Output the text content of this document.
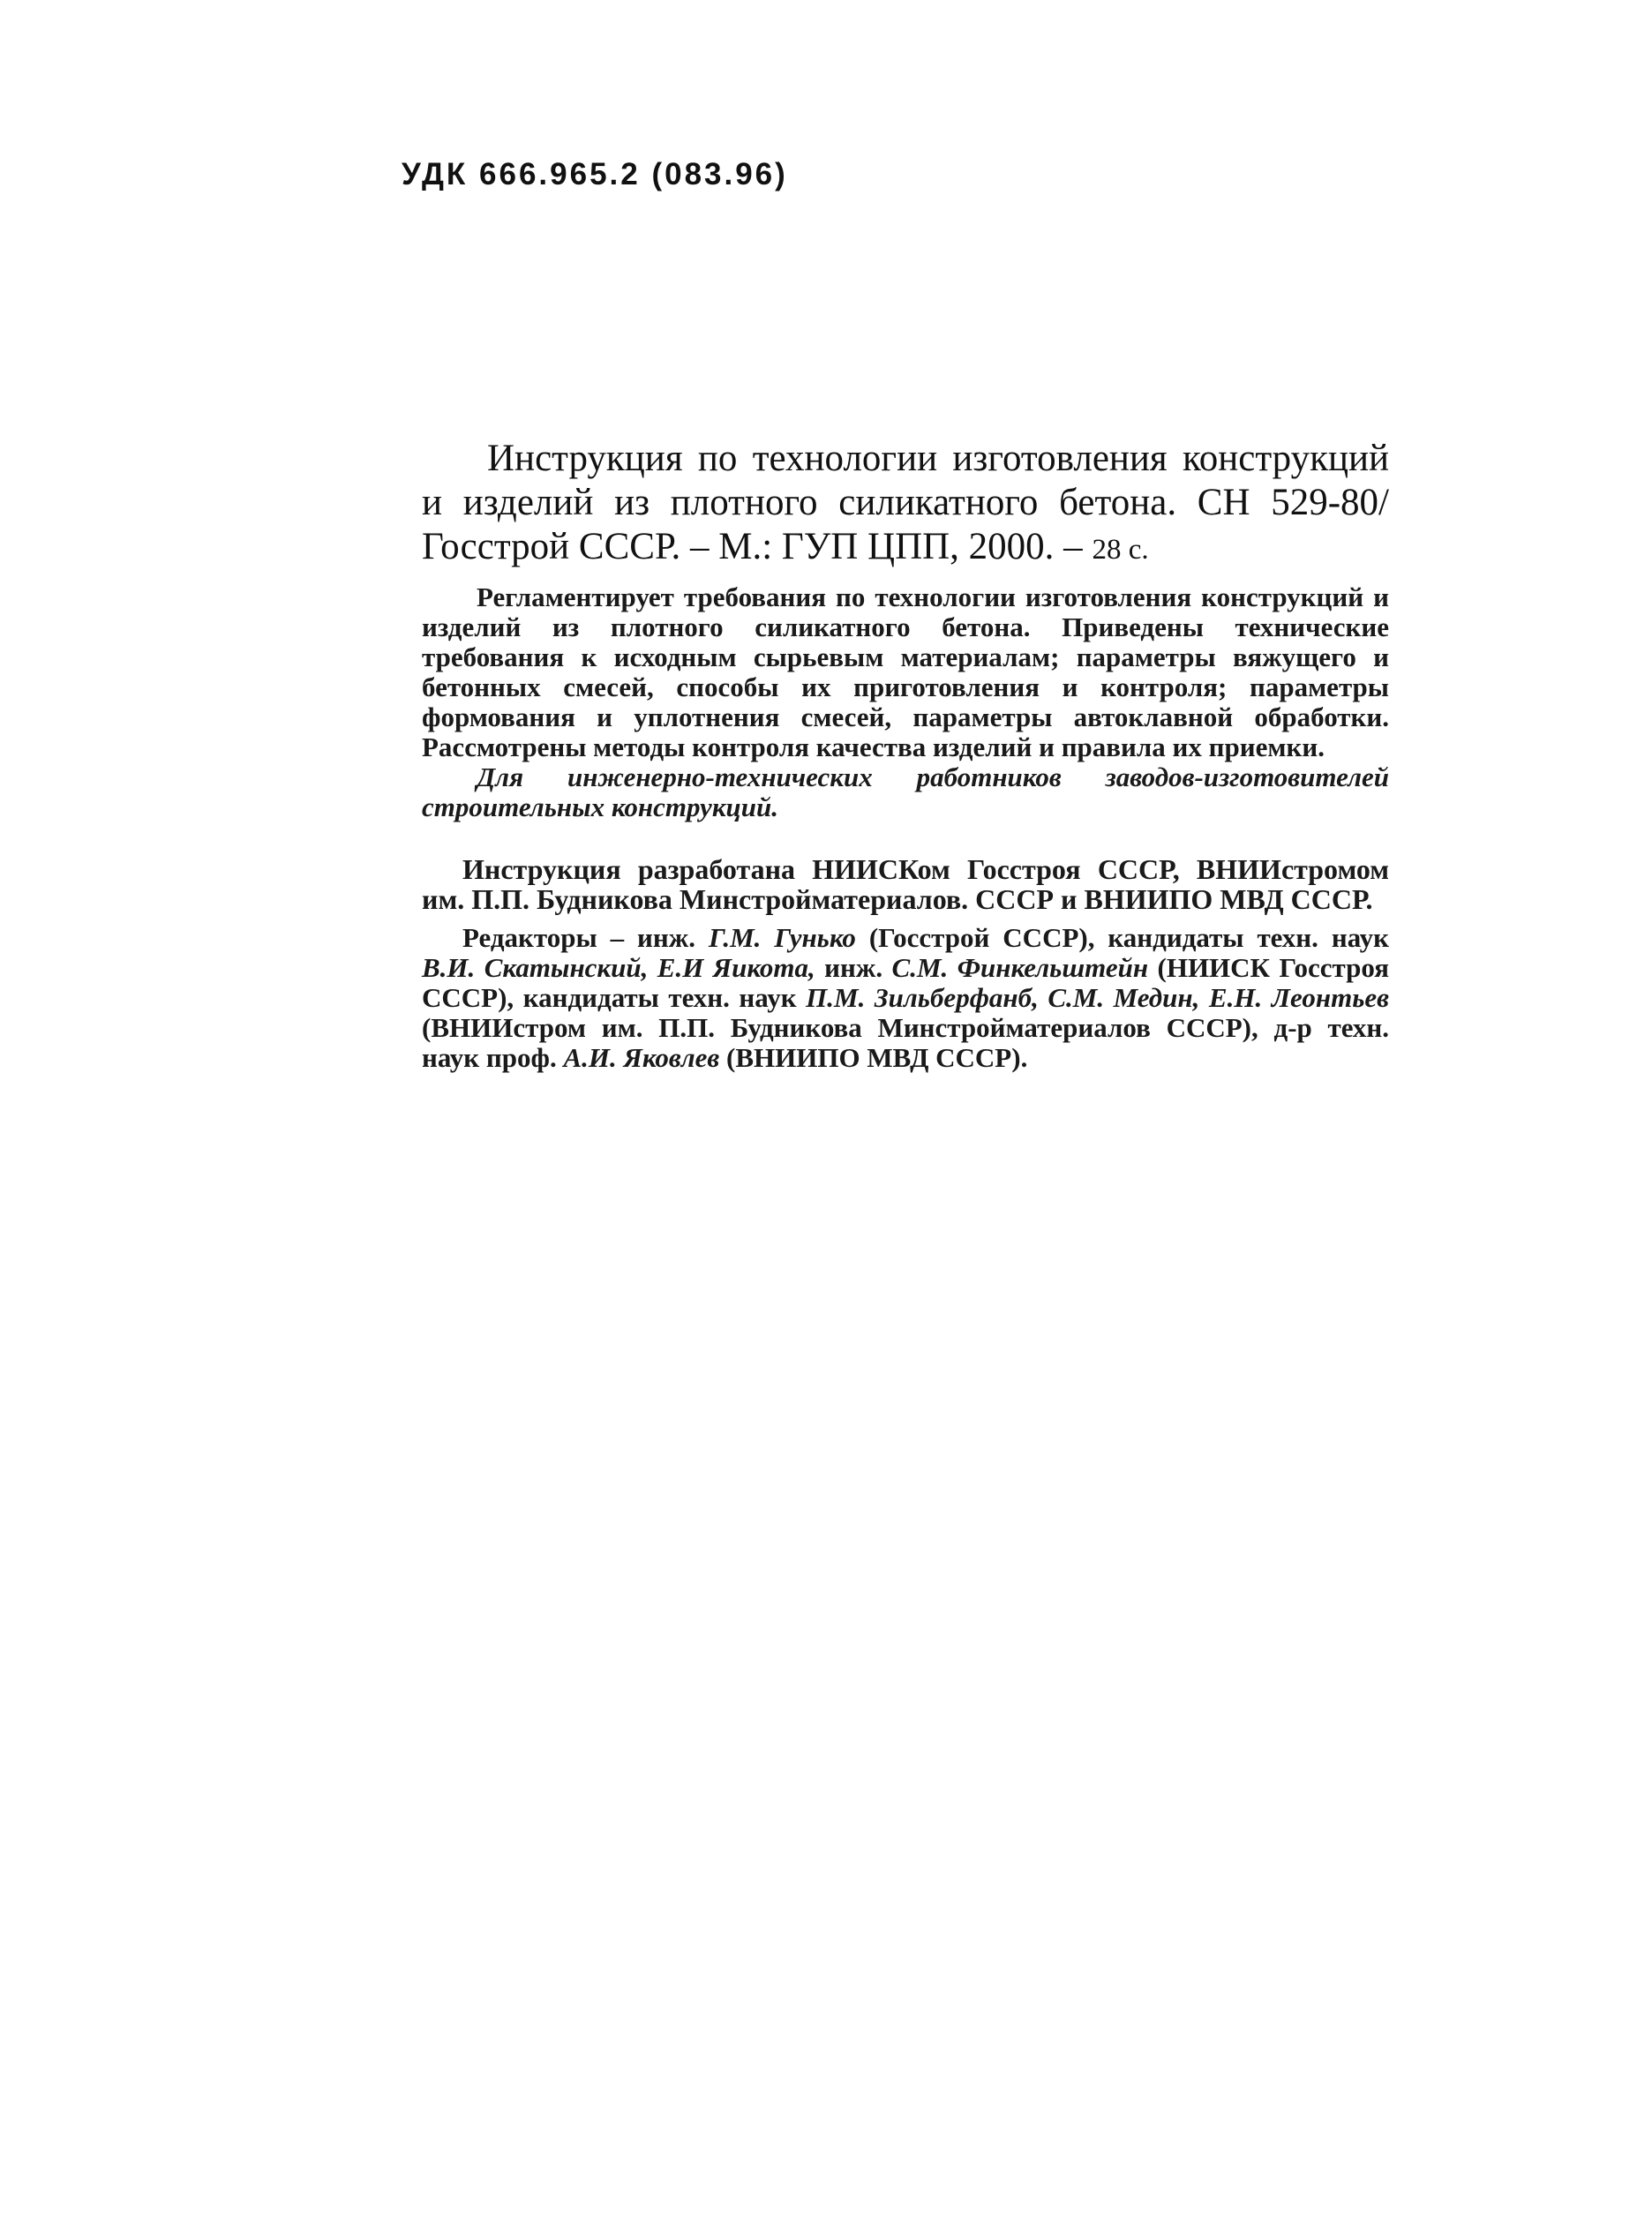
УДК 666.965.2 (083.96)

Инструкция по технологии изготовления конструкций и изделий из плотного силикатного бетона. СН 529-80/Госстрой СССР. – М.: ГУП ЦПП, 2000. – 28 с.

Регламентирует требования по технологии изготовления конструкций и изделий из плотного силикатного бетона. Приведены технические требования к исходным сырьевым материалам; параметры вяжущего и бетонных смесей, способы их приготовления и контроля; параметры формования и уплотнения смесей, параметры автоклавной обработки. Рассмотрены методы контроля качества изделий и правила их приемки.

Для инженерно-технических работников заводов-изготовителей строительных конструкций.

Инструкция разработана НИИСКом Госстроя СССР, ВНИИстромом им. П.П. Будникова Минстройматериалов. СССР и ВНИИПО МВД СССР.

Редакторы – инж. Г.М. Гунько (Госстрой СССР), кандидаты техн. наук В.И. Скатынский, Е.И Яикота, инж. С.М. Финкельштейн (НИИСК Госстроя СССР), кандидаты техн. наук П.М. Зильберфанб, С.М. Медин, Е.Н. Леонтьев (ВНИИстром им. П.П. Будникова Минстройматериалов СССР), д-р техн. наук проф. А.И. Яковлев (ВНИИПО МВД СССР).
